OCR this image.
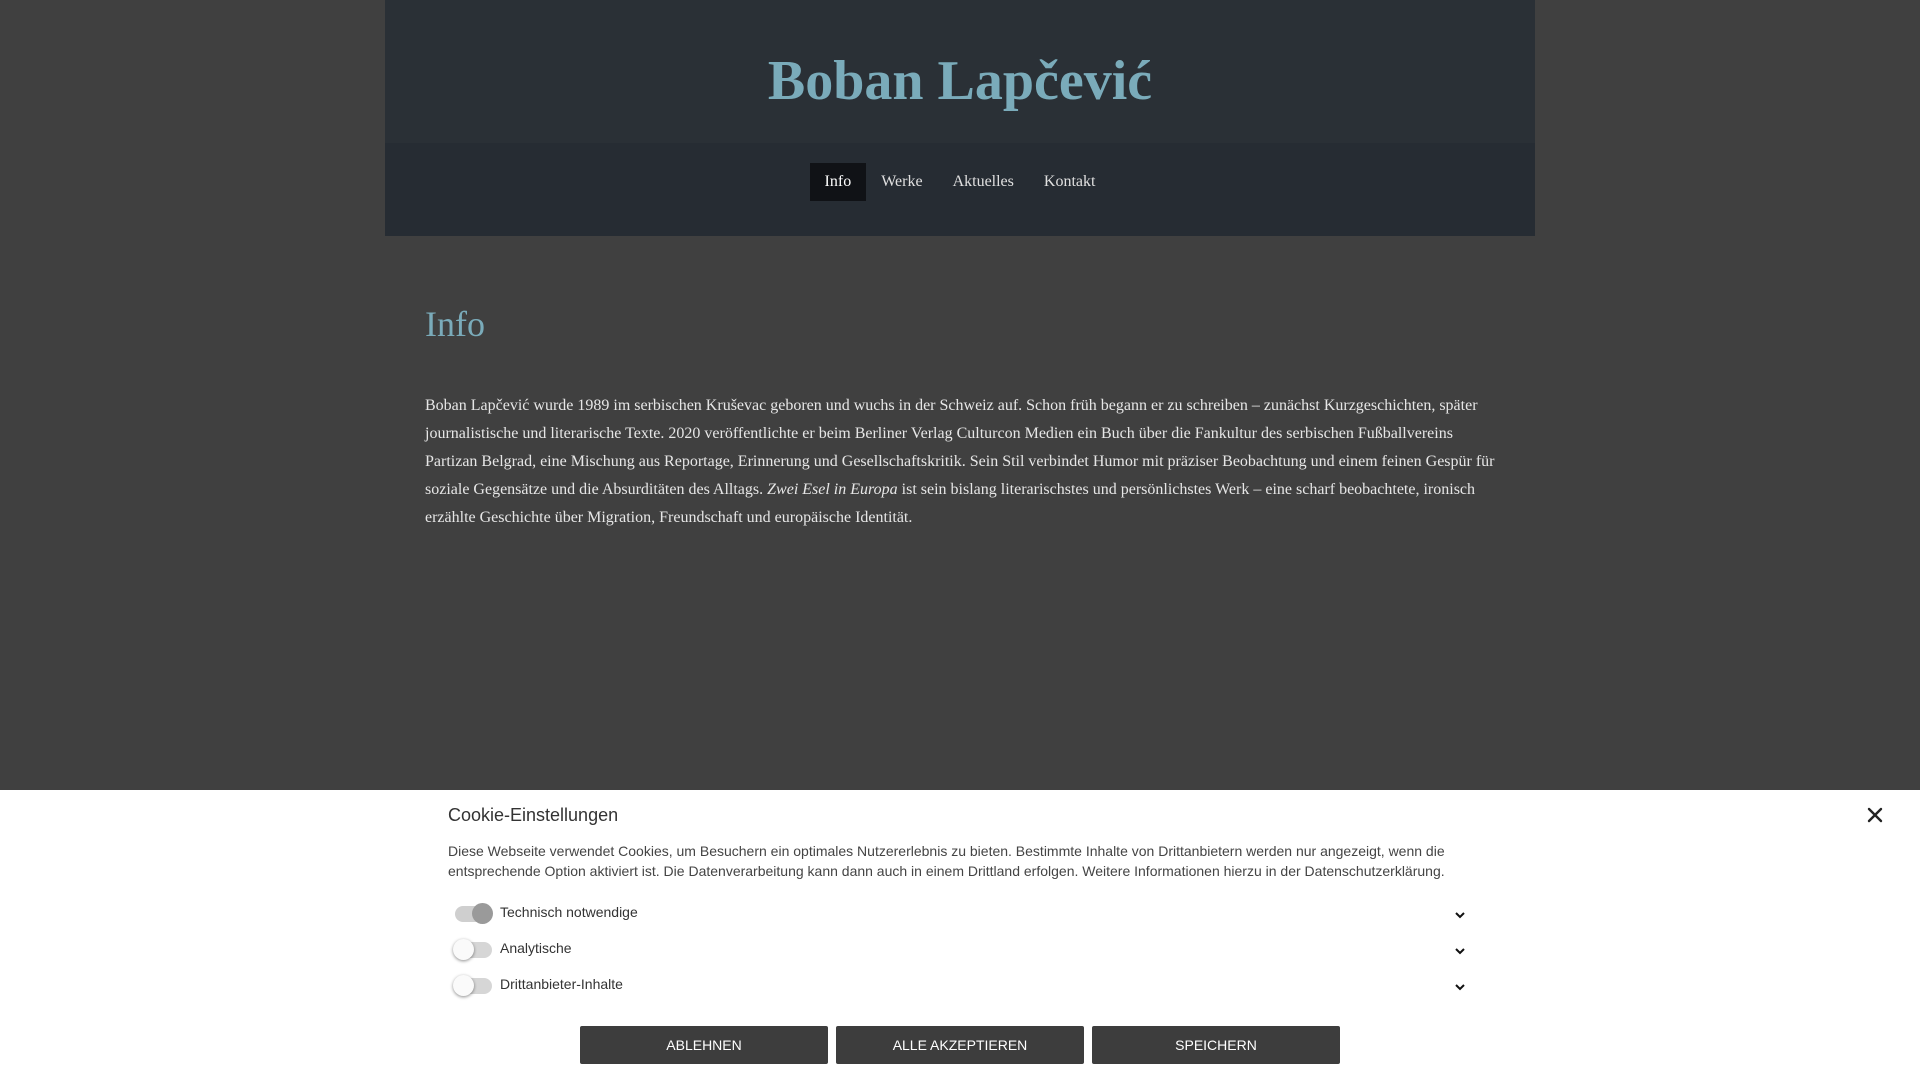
Boban Lapčević
Info	Werke	Aktuelles	Kontakt
Info

Boban Lapčević wurde 1989 im serbischen Kruševac geboren und wuchs in der Schweiz auf. Schon früh begann er zu schreiben – zunächst Kurzgeschichten, später journalistische und literarische Texte. 2020 veröffentlichte er beim Berliner Verlag Culturcon Medien ein Buch über die Fankultur des serbischen Fußballvereins Partizan Belgrad, eine Mischung aus Reportage, Erinnerung und Gesellschaftskritik. Sein Stil verbindet Humor mit präziser Beobachtung und einem feinen Gespür für soziale Gegensätze und die Absurditäten des Alltags. Zwei Esel in Europa ist sein bislang literarischstes und persönlichstes Werk – eine scharf beobachtete, ironisch erzählte Geschichte über Migration, Freundschaft und europäische Identität.

Cookie-Einstellungen

Diese Webseite verwendet Cookies, um Besuchern ein optimales Nutzererlebnis zu bieten. Bestimmte Inhalte von Drittanbietern werden nur angezeigt, wenn die entsprechende Option aktiviert ist. Die Datenverarbeitung kann dann auch in einem Drittland erfolgen. Weitere Informationen hierzu in der Datenschutzerklärung.

Technisch notwendige
Analytische
Drittanbieter-Inhalte
ABLEHNEN	ALLE AKZEPTIEREN	SPEICHERN
